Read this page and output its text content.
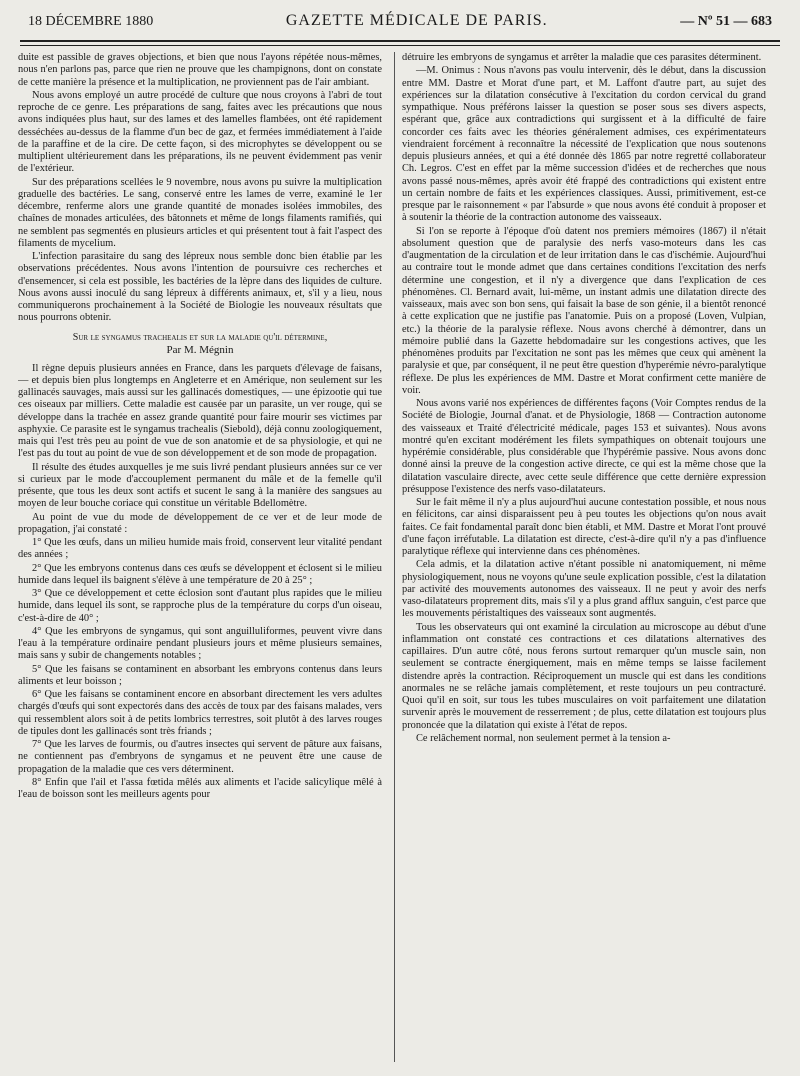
18 DÉCEMBRE 1880	GAZETTE MÉDICALE DE PARIS.	— Nº 51 — 683

duite est passible de graves objections, et bien que nous l'ayons répétée nous-mêmes, nous n'en parlons pas, parce que rien ne prouve que les champignons, dont on constate de cette manière la présence et la multiplication, ne proviennent pas de l'air ambiant.

Nous avons employé un autre procédé de culture que nous croyons à l'abri de tout reproche de ce genre. Les préparations de sang, faites avec les précautions que nous avons indiquées plus haut, sur des lames et des lamelles flambées, ont été rapidement desséchées au-dessus de la flamme d'un bec de gaz, et fermées immédiatement à l'aide de la paraffine et de la cire. De cette façon, si des microphytes se développent ou se multiplient ultérieurement dans les préparations, ils ne peuvent évidemment pas venir de l'extérieur.

Sur des préparations scellées le 9 novembre, nous avons pu suivre la multiplication graduelle des bactéries. Le sang, conservé entre les lames de verre, examiné le 1er décembre, renferme alors une grande quantité de monades isolées immobiles, des chaînes de monades articulées, des bâtonnets et même de longs filaments ramifiés, qui ne semblent pas segmentés en plusieurs articles et qui présentent tout à fait l'aspect des filaments de mycelium.

L'infection parasitaire du sang des lépreux nous semble donc bien établie par les observations précédentes. Nous avons l'intention de poursuivre ces recherches et d'ensemencer, si cela est possible, les bactéries de la lèpre dans des liquides de culture. Nous avons aussi inoculé du sang lépreux à différents animaux, et, s'il y a lieu, nous communiquerons prochainement à la Société de Biologie les nouveaux résultats que nous pourrons obtenir.

Sur le syngamus trachealis et sur la maladie qu'il détermine,
Par M. Mégnin

Il règne depuis plusieurs années en France, dans les parquets d'élevage de faisans, — et depuis bien plus longtemps en Angleterre et en Amérique, non seulement sur les gallinacés sauvages, mais aussi sur les gallinacés domestiques, — une épizootie qui tue ces oiseaux par milliers. Cette maladie est causée par un parasite, un ver rouge, qui se développe dans la trachée en assez grande quantité pour faire mourir ses victimes par asphyxie. Ce parasite est le syngamus trachealis (Siebold), déjà connu zoologiquement, mais qui l'est très peu au point de vue de son anatomie et de sa physiologie, et qui ne l'est pas du tout au point de vue de son développement et de son mode de propagation.

Il résulte des études auxquelles je me suis livré pendant plusieurs années sur ce ver si curieux par le mode d'accouplement permanent du mâle et de la femelle qu'il présente, que tous les deux sont actifs et sucent le sang à la manière des sangsues au moyen de leur bouche coriace qui constitue un véritable Bdellomètre.

Au point de vue du mode de développement de ce ver et de leur mode de propagation, j'ai constaté :

1° Que les œufs, dans un milieu humide mais froid, conservent leur vitalité pendant des années ;

2° Que les embryons contenus dans ces œufs se développent et éclosent si le milieu humide dans lequel ils baignent s'élève à une température de 20 à 25° ;

3° Que ce développement et cette éclosion sont d'autant plus rapides que le milieu humide, dans lequel ils sont, se rapproche plus de la température du corps d'un oiseau, c'est-à-dire de 40° ;

4° Que les embryons de syngamus, qui sont anguilluliformes, peuvent vivre dans l'eau à la température ordinaire pendant plusieurs jours et même plusieurs semaines, mais sans y subir de changements notables ;

5° Que les faisans se contaminent en absorbant les embryons contenus dans leurs aliments et leur boisson ;

6° Que les faisans se contaminent encore en absorbant directement les vers adultes chargés d'œufs qui sont expectorés dans des accès de toux par des faisans malades, vers qui ressemblent alors soit à de petits lombrics terrestres, soit plutôt à des larves rouges de tipules dont les gallinacés sont très friands ;

7° Que les larves de fourmis, ou d'autres insectes qui servent de pâture aux faisans, ne contiennent pas d'embryons de syngamus et ne peuvent être une cause de propagation de la maladie que ces vers déterminent.

8° Enfin que l'ail et l'assa fœtida mêlés aux aliments et l'acide salicylique mêlé à l'eau de boisson sont les meilleurs agents pour

détruire les embryons de syngamus et arrêter la maladie que ces parasites déterminent.

—M. Onimus : Nous n'avons pas voulu intervenir, dès le début, dans la discussion entre MM. Dastre et Morat d'une part, et M. Laffont d'autre part, au sujet des expériences sur la dilatation consécutive à l'excitation du cordon cervical du grand sympathique. Nous préférons laisser la question se poser sous ses divers aspects, espérant que, grâce aux contradictions qui surgissent et à la difficulté de faire concorder ces faits avec les théories généralement admises, ces expérimentateurs viendraient forcément à reconnaître la nécessité de l'explication que nous soutenons depuis plusieurs années, et qui a été donnée dès 1865 par notre regretté collaborateur Ch. Legros. C'est en effet par la même succession d'idées et de recherches que nous avons passé nous-mêmes, après avoir été frappé des contradictions qui existent entre un certain nombre de faits et les expériences classiques. Aussi, primitivement, est-ce presque par le raisonnement « par l'absurde » que nous avons été conduit à proposer et à soutenir la théorie de la contraction autonome des vaisseaux.

Si l'on se reporte à l'époque d'où datent nos premiers mémoires (1867) il n'était absolument question que de paralysie des nerfs vaso-moteurs dans les cas d'augmentation de la circulation et de leur irritation dans le cas d'ischémie. Aujourd'hui au contraire tout le monde admet que dans certaines conditions l'excitation des nerfs détermine une congestion, et il n'y a divergence que dans l'explication de ces phénomènes. Cl. Bernard avait, lui-même, un instant admis une dilatation directe des vaisseaux, mais avec son bon sens, qui faisait la base de son génie, il a bientôt renoncé à cette explication que ne justifie pas l'anatomie. Puis on a proposé (Loven, Vulpian, etc.) la théorie de la paralysie réflexe. Nous avons cherché à démontrer, dans un mémoire publié dans la Gazette hebdomadaire sur les congestions actives, que les phénomènes produits par l'excitation ne sont pas les mêmes que ceux qui amènent la paralysie et que, par conséquent, il ne peut être question d'hyperémie névro-paralytique réflexe. De plus les expériences de MM. Dastre et Morat confirment cette manière de voir.

Nous avons varié nos expériences de différentes façons (Voir Comptes rendus de la Société de Biologie, Journal d'anat. et de Physiologie, 1868 — Contraction autonome des vaisseaux et Traité d'électricité médicale, pages 153 et suivantes). Nous avons montré qu'en excitant modérément les filets sympathiques on obtenait toujours une hypérémie considérable, plus considérable que l'hypérémie passive. Nous avons donc donné ainsi la preuve de la congestion active directe, ce qui est la même chose que la dilatation vasculaire directe, avec cette seule différence que cette dernière expression présuppose l'existence des nerfs vaso-dilatateurs.

Sur le fait même il n'y a plus aujourd'hui aucune contestation possible, et nous nous en félicitons, car ainsi disparaissent peu à peu toutes les objections qu'on nous avait faites. Ce fait fondamental paraît donc bien établi, et MM. Dastre et Morat l'ont prouvé d'une façon irréfutable. La dilatation est directe, c'est-à-dire qu'il n'y a pas d'influence paralytique réflexe qui intervienne dans ces phénomènes.

Cela admis, et la dilatation active n'étant possible ni anatomiquement, ni même physiologiquement, nous ne voyons qu'une seule explication possible, c'est la dilatation par activité des mouvements autonomes des vaisseaux. Il ne peut y avoir des nerfs vaso-dilatateurs proprement dits, mais s'il y a plus grand afflux sanguin, c'est parce que les mouvements péristaltiques des vaisseaux sont augmentés.

Tous les observateurs qui ont examiné la circulation au microscope au début d'une inflammation ont constaté ces contractions et ces dilatations alternatives des capillaires. D'un autre côté, nous ferons surtout remarquer qu'un muscle sain, non seulement se contracte énergiquement, mais en même temps se laisse facilement distendre après la contraction. Réciproquement un muscle qui est dans les conditions anormales ne se relâche jamais complètement, et reste toujours un peu contracturé. Quoi qu'il en soit, sur tous les tubes musculaires on voit parfaitement une dilatation survenir après le mouvement de resserrement ; de plus, cette dilatation est toujours plus prononcée que la dilatation qui existe à l'état de repos.

Ce relâchement normal, non seulement permet à la tension a-
